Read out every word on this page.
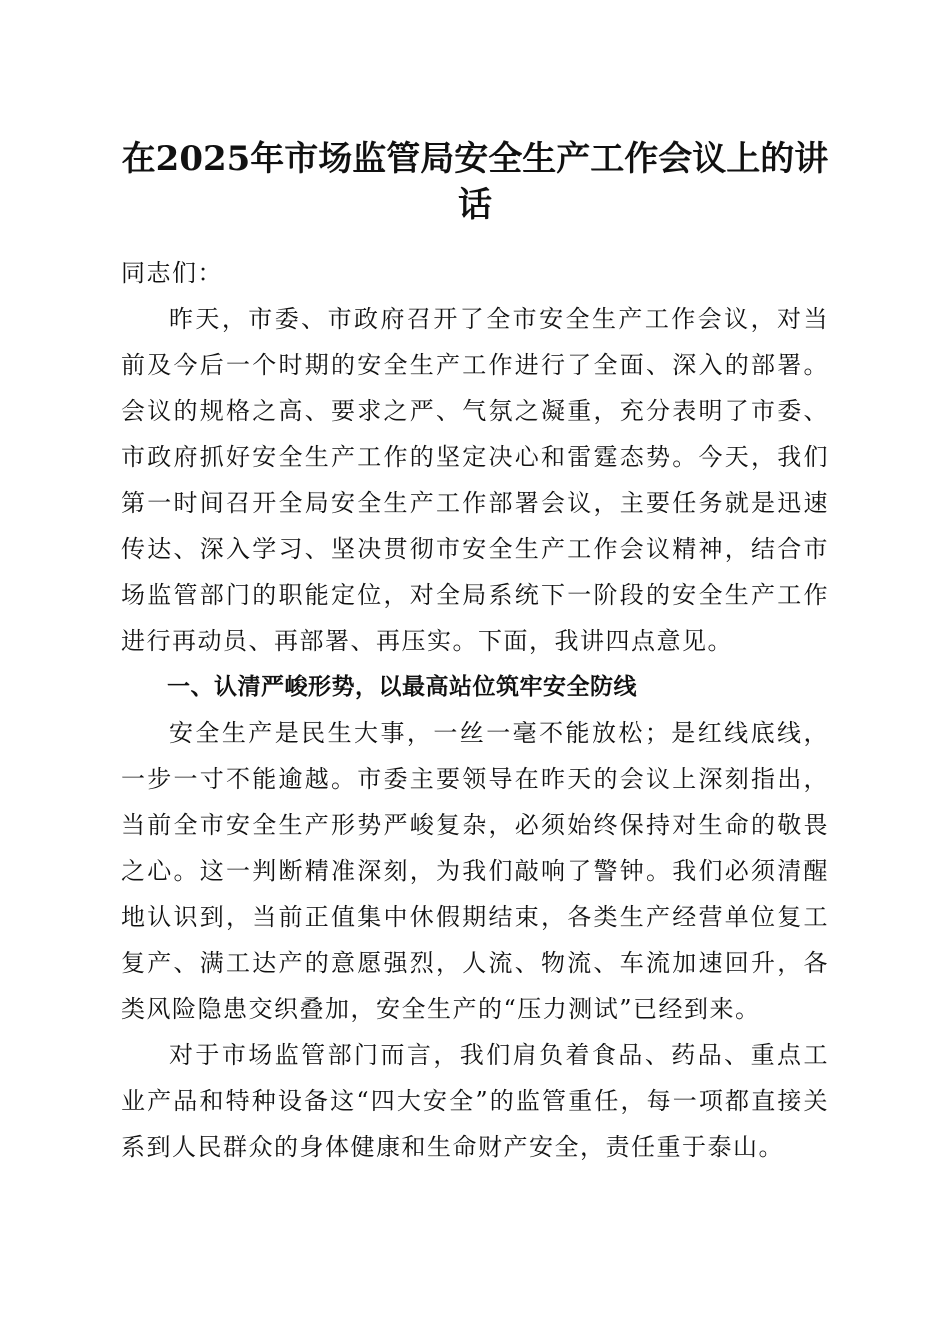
在2025年市场监管局安全生产工作会议上的讲话

同志们：

昨天，市委、市政府召开了全市安全生产工作会议，对当前及今后一个时期的安全生产工作进行了全面、深入的部署。会议的规格之高、要求之严、气氛之凝重，充分表明了市委、市政府抓好安全生产工作的坚定决心和雷霆态势。今天，我们第一时间召开全局安全生产工作部署会议，主要任务就是迅速传达、深入学习、坚决贯彻市安全生产工作会议精神，结合市场监管部门的职能定位，对全局系统下一阶段的安全生产工作进行再动员、再部署、再压实。下面，我讲四点意见。

一、认清严峻形势，以最高站位筑牢安全防线

安全生产是民生大事，一丝一毫不能放松；是红线底线，一步一寸不能逾越。市委主要领导在昨天的会议上深刻指出，当前全市安全生产形势严峻复杂，必须始终保持对生命的敬畏之心。这一判断精准深刻，为我们敲响了警钟。我们必须清醒地认识到，当前正值集中休假期结束，各类生产经营单位复工复产、满工达产的意愿强烈，人流、物流、车流加速回升，各类风险隐患交织叠加，安全生产的“压力测试”已经到来。

对于市场监管部门而言，我们肩负着食品、药品、重点工业产品和特种设备这“四大安全”的监管重任，每一项都直接关系到人民群众的身体健康和生命财产安全，责任重于泰山。
